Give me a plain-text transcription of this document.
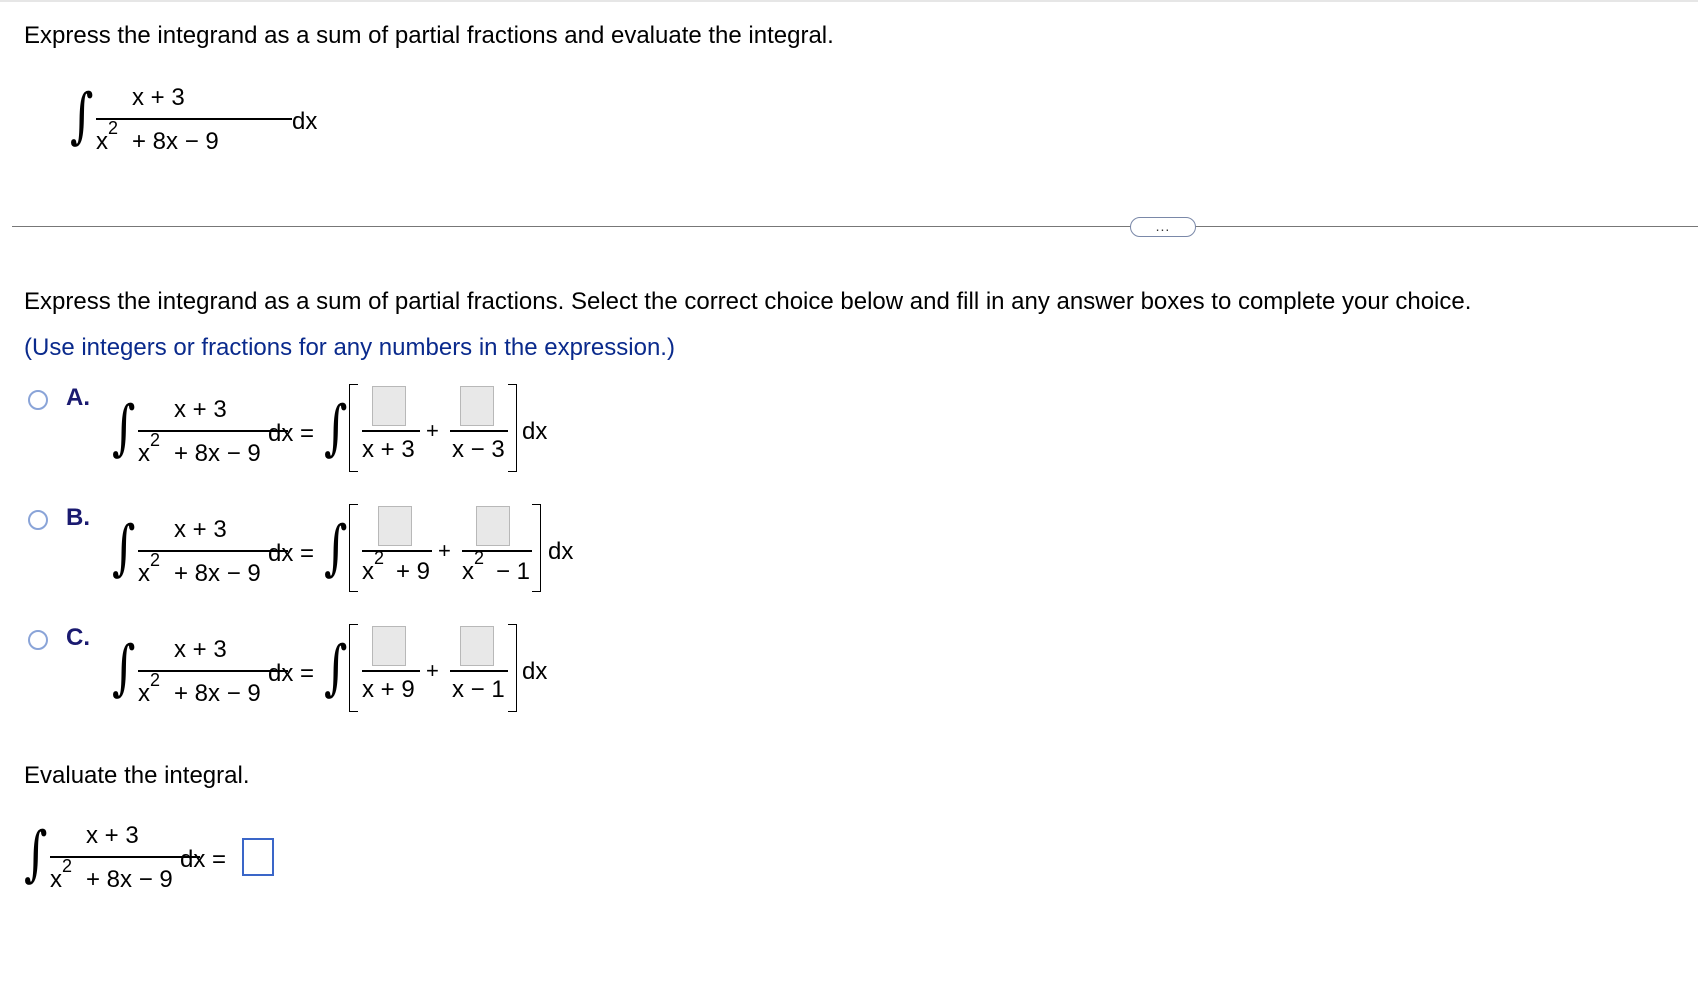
Express the integrand as a sum of partial fractions and evaluate the integral.
∫ x + 3
dx
x 2 + 8x − 9
...
Express the integrand as a sum of partial fractions. Select the correct choice below and fill in any answer boxes to complete your choice.
(Use integers or fractions for any numbers in the expression.)
A. ∫ x + 3
dx =
x 2 + 8x − 9 ∫ x + 3
+
x − 3
dx
B. ∫ x + 3
dx =
x 2 + 8x − 9 ∫ x 2 + 9
+
x 2 − 1
dx
C. ∫ x + 3
dx =
x 2 + 8x − 9 ∫ x + 9
+
x − 1
dx
Evaluate the integral.
∫ x + 3
dx =
x 2 + 8x − 9
